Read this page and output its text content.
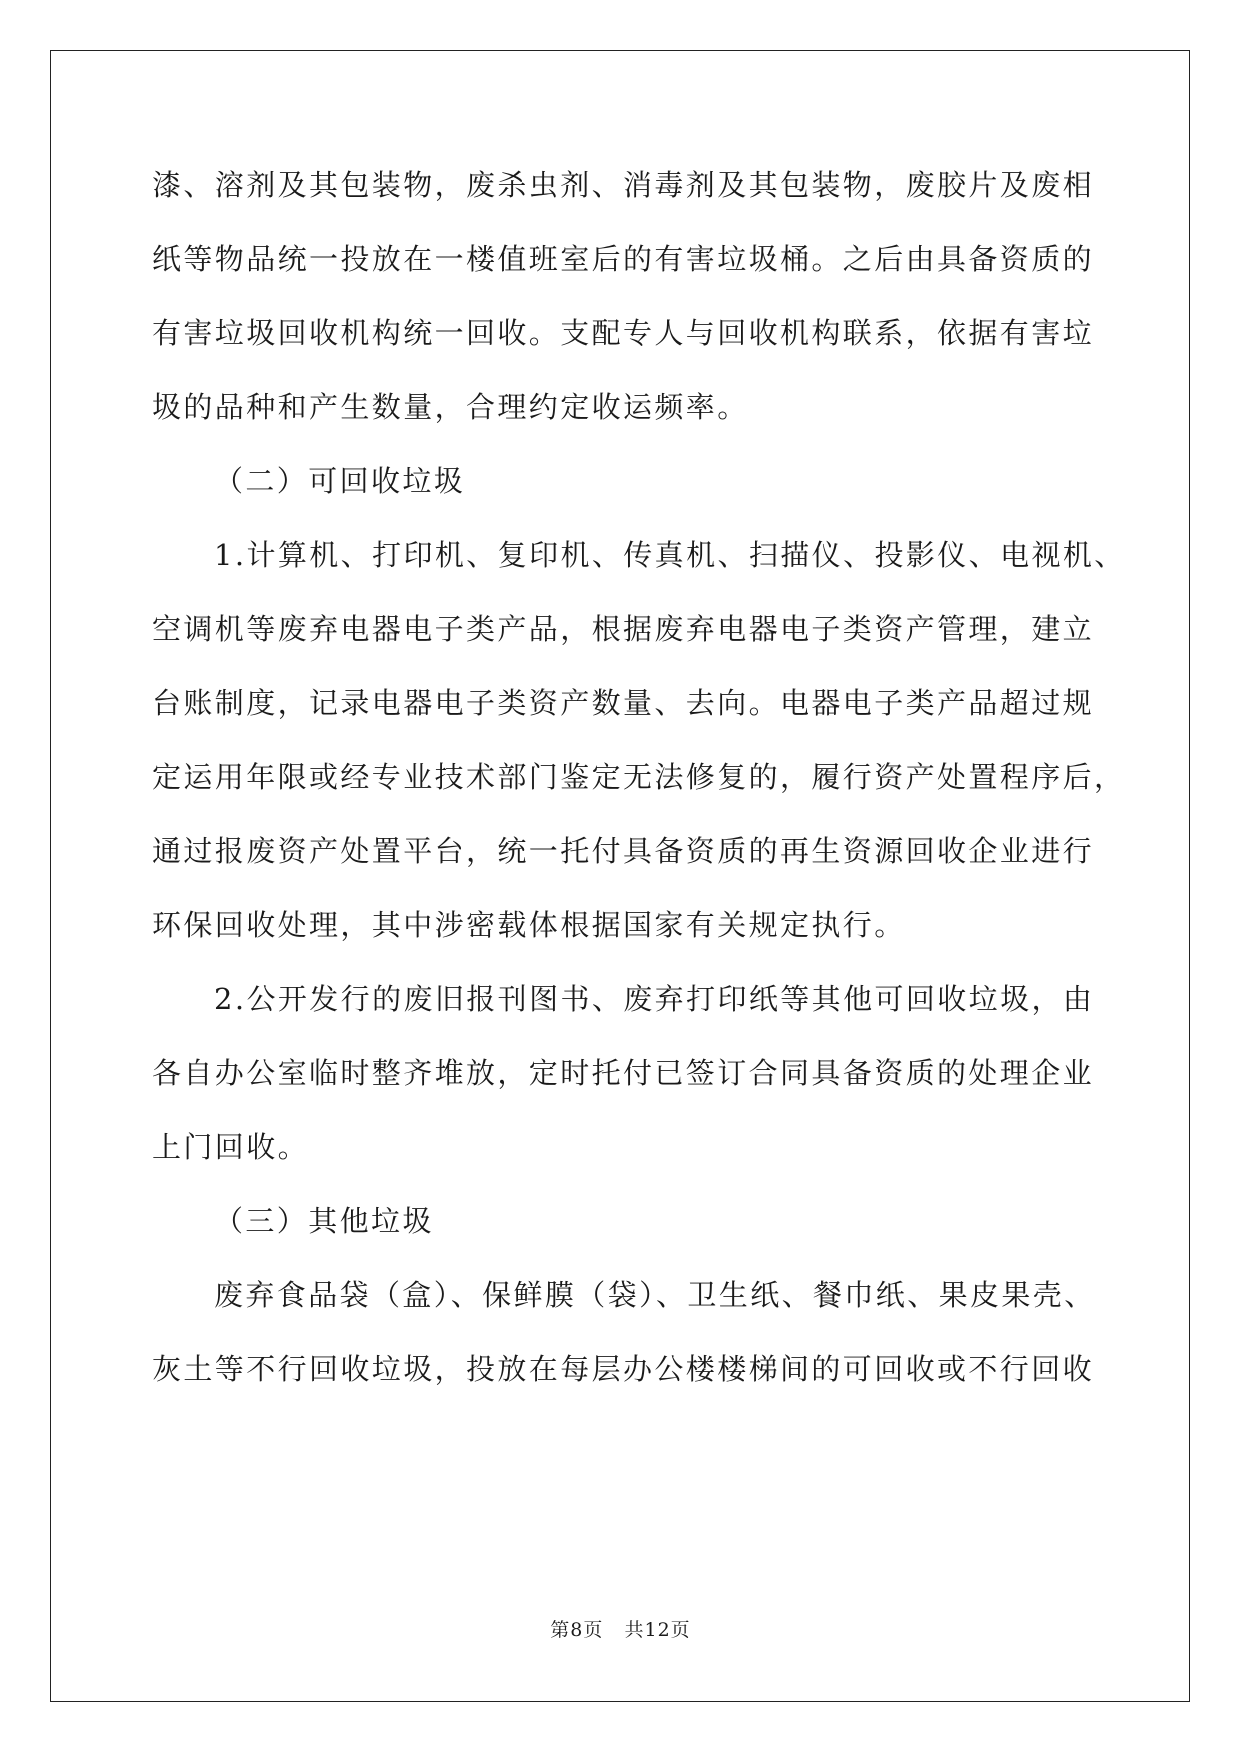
漆、溶剂及其包装物，废杀虫剂、消毒剂及其包装物，废胶片及废相
纸等物品统一投放在一楼值班室后的有害垃圾桶。之后由具备资质的
有害垃圾回收机构统一回收。支配专人与回收机构联系，依据有害垃
圾的品种和产生数量，合理约定收运频率。
（二）可回收垃圾
1.计算机、打印机、复印机、传真机、扫描仪、投影仪、电视机、
空调机等废弃电器电子类产品，根据废弃电器电子类资产管理，建立
台账制度，记录电器电子类资产数量、去向。电器电子类产品超过规
定运用年限或经专业技术部门鉴定无法修复的，履行资产处置程序后，
通过报废资产处置平台，统一托付具备资质的再生资源回收企业进行
环保回收处理，其中涉密载体根据国家有关规定执行。
2.公开发行的废旧报刊图书、废弃打印纸等其他可回收垃圾，由
各自办公室临时整齐堆放，定时托付已签订合同具备资质的处理企业
上门回收。
（三）其他垃圾
废弃食品袋（盒）、保鲜膜（袋）、卫生纸、餐巾纸、果皮果壳、
灰土等不行回收垃圾，投放在每层办公楼楼梯间的可回收或不行回收
第8页   共12页
